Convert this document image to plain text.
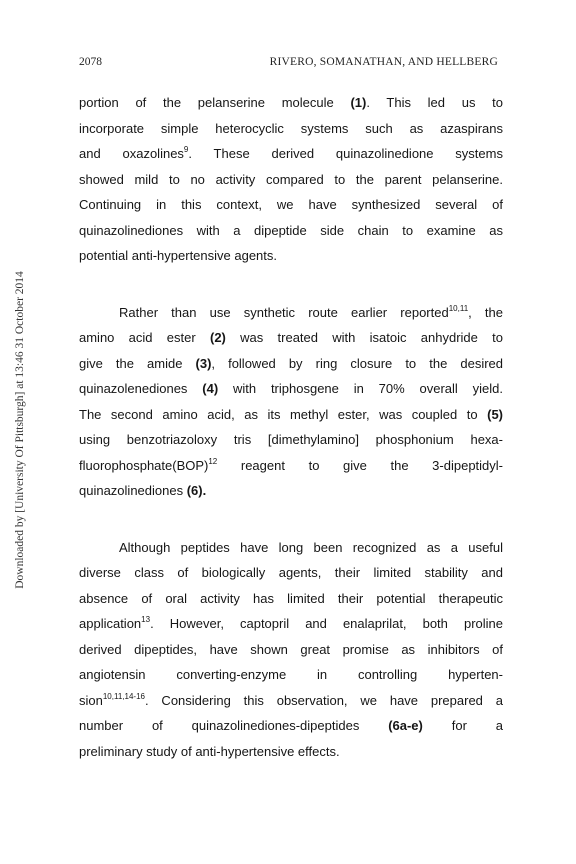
2078	RIVERO, SOMANATHAN, AND HELLBERG
Downloaded by [University Of Pittsburgh] at 13:46 31 October 2014
portion of the pelanserine molecule (1). This led us to
incorporate simple heterocyclic systems such as azaspirans
and oxazolines$^9$. These derived quinazolinedione systems
showed mild to no activity compared to the parent pelanserine.
Continuing in this context, we have synthesized several of
quinazolinediones with a dipeptide side chain to examine as
potential anti-hypertensive agents.
Rather than use synthetic route earlier reported$^{10,11}$, the
amino acid ester (2) was treated with isatoic anhydride to
give the amide (3), followed by ring closure to the desired
quinazolenediones (4) with triphosgene in 70% overall yield.
The second amino acid, as its methyl ester, was coupled to (5)
using benzotriazoloxy tris [dimethylamino] phosphonium hexa-
fluorophosphate(BOP)$^{12}$ reagent to give the 3-dipeptidyl-
quinazolinediones (6).
Although peptides have long been recognized as a useful
diverse class of biologically agents, their limited stability and
absence of oral activity has limited their potential therapeutic
application$^{13}$. However, captopril and enalaprilat, both proline
derived dipeptides, have shown great promise as inhibitors of
angiotensin converting-enzyme in controlling hyperten-
sion$^{10,11,14-16}$. Considering this observation, we have prepared a
number of quinazolinediones-dipeptides (6a-e) for a
preliminary study of anti-hypertensive effects.
